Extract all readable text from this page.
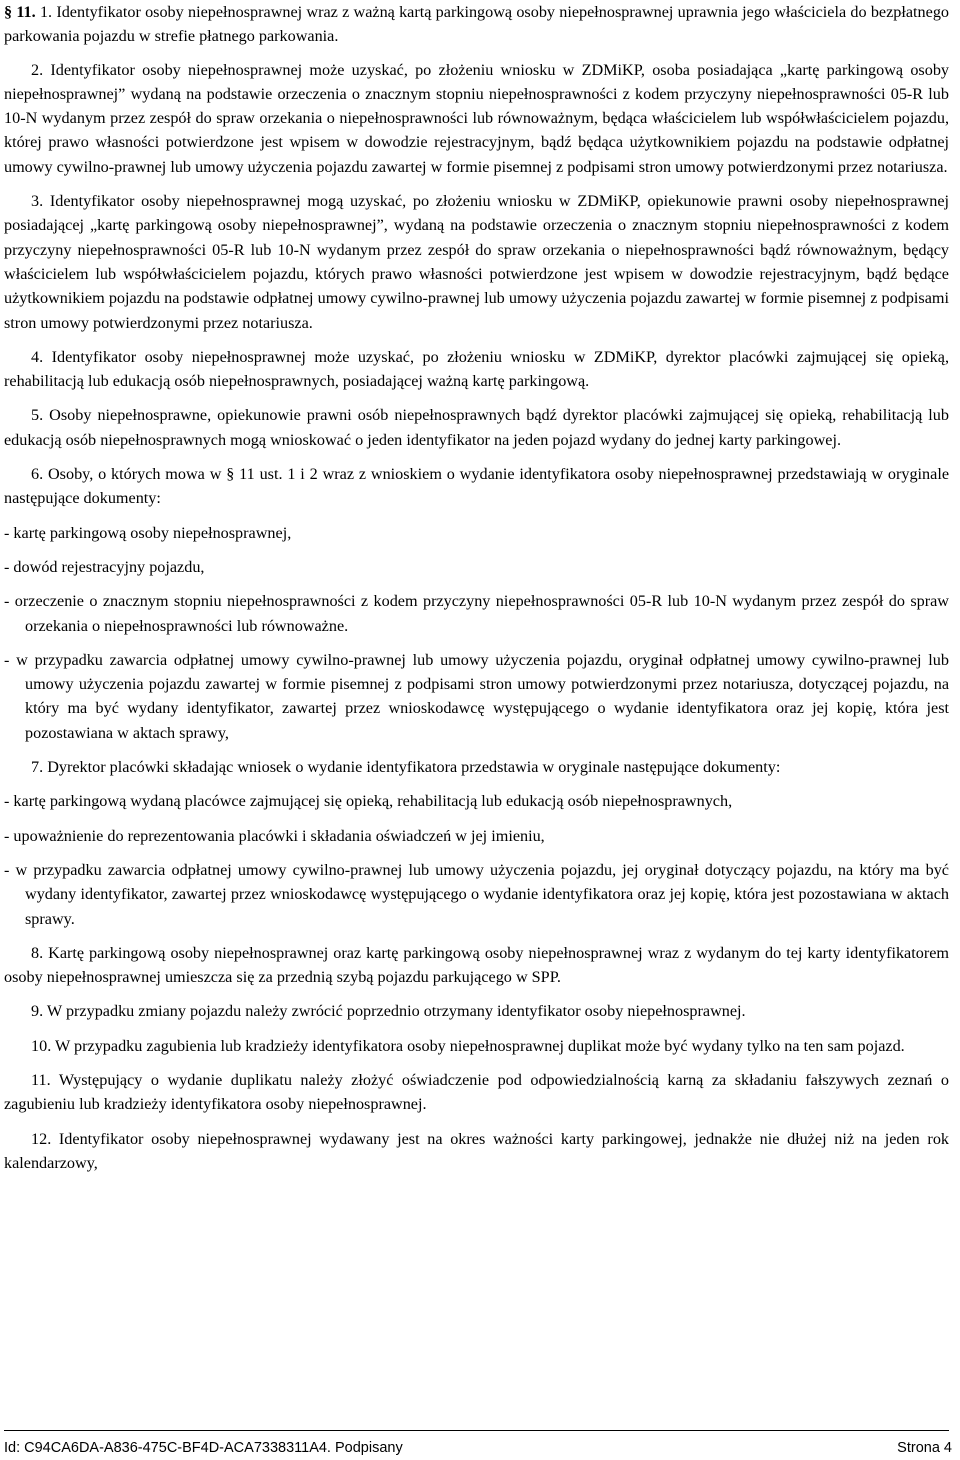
§ 11. 1. Identyfikator osoby niepełnosprawnej wraz z ważną kartą parkingową osoby niepełnosprawnej uprawnia jego właściciela do bezpłatnego parkowania pojazdu w strefie płatnego parkowania.

2. Identyfikator osoby niepełnosprawnej może uzyskać, po złożeniu wniosku w ZDMiKP, osoba posiadająca „kartę parkingową osoby niepełnosprawnej” wydaną na podstawie orzeczenia o znacznym stopniu niepełnosprawności z kodem przyczyny niepełnosprawności 05-R lub 10-N wydanym przez zespół do spraw orzekania o niepełnosprawności lub równoważnym, będąca właścicielem lub współwłaścicielem pojazdu, której prawo własności potwierdzone jest wpisem w dowodzie rejestracyjnym, bądź będąca użytkownikiem pojazdu na podstawie odpłatnej umowy cywilno-prawnej lub umowy użyczenia pojazdu zawartej w formie pisemnej z podpisami stron umowy potwierdzonymi przez notariusza.

3. Identyfikator osoby niepełnosprawnej mogą uzyskać, po złożeniu wniosku w ZDMiKP, opiekunowie prawni osoby niepełnosprawnej posiadającej „kartę parkingową osoby niepełnosprawnej”, wydaną na podstawie orzeczenia o znacznym stopniu niepełnosprawności z kodem przyczyny niepełnosprawności 05-R lub 10-N wydanym przez zespół do spraw orzekania o niepełnosprawności bądź równoważnym, będący właścicielem lub współwłaścicielem pojazdu, których prawo własności potwierdzone jest wpisem w dowodzie rejestracyjnym, bądź będące użytkownikiem pojazdu na podstawie odpłatnej umowy cywilno-prawnej lub umowy użyczenia pojazdu zawartej w formie pisemnej z podpisami stron umowy potwierdzonymi przez notariusza.

4. Identyfikator osoby niepełnosprawnej może uzyskać, po złożeniu wniosku w ZDMiKP, dyrektor placówki zajmującej się opieką, rehabilitacją lub edukacją osób niepełnosprawnych, posiadającej ważną kartę parkingową.

5. Osoby niepełnosprawne, opiekunowie prawni osób niepełnosprawnych bądź dyrektor placówki zajmującej się opieką, rehabilitacją lub edukacją osób niepełnosprawnych mogą wnioskować o jeden identyfikator na jeden pojazd wydany do jednej karty parkingowej.

6. Osoby, o których mowa w § 11 ust. 1 i 2 wraz z wnioskiem o wydanie identyfikatora osoby niepełnosprawnej przedstawiają w oryginale następujące dokumenty:

- kartę parkingową osoby niepełnosprawnej,

- dowód rejestracyjny pojazdu,

- orzeczenie o znacznym stopniu niepełnosprawności z kodem przyczyny niepełnosprawności 05-R lub 10-N wydanym przez zespół do spraw orzekania o niepełnosprawności lub równoważne.

- w przypadku zawarcia odpłatnej umowy cywilno-prawnej lub umowy użyczenia pojazdu, oryginał odpłatnej umowy cywilno-prawnej lub umowy użyczenia pojazdu zawartej w formie pisemnej z podpisami stron umowy potwierdzonymi przez notariusza, dotyczącej pojazdu, na który ma być wydany identyfikator, zawartej przez wnioskodawcę występującego o wydanie identyfikatora oraz jej kopię, która jest pozostawiana w aktach sprawy,

7. Dyrektor placówki składając wniosek o wydanie identyfikatora przedstawia w oryginale następujące dokumenty:

- kartę parkingową wydaną placówce zajmującej się opieką, rehabilitacją lub edukacją osób niepełnosprawnych,

- upoważnienie do reprezentowania placówki i składania oświadczeń w jej imieniu,

- w przypadku zawarcia odpłatnej umowy cywilno-prawnej lub umowy użyczenia pojazdu, jej oryginał dotyczący pojazdu, na który ma być wydany identyfikator, zawartej przez wnioskodawcę występującego o wydanie identyfikatora oraz jej kopię, która jest pozostawiana w aktach sprawy.

8. Kartę parkingową osoby niepełnosprawnej oraz kartę parkingową osoby niepełnosprawnej wraz z wydanym do tej karty identyfikatorem osoby niepełnosprawnej umieszcza się za przednią szybą pojazdu parkującego w SPP.

9. W przypadku zmiany pojazdu należy zwrócić poprzednio otrzymany identyfikator osoby niepełnosprawnej.

10. W przypadku zagubienia lub kradzieży identyfikatora osoby niepełnosprawnej duplikat może być wydany tylko na ten sam pojazd.

11. Występujący o wydanie duplikatu należy złożyć oświadczenie pod odpowiedzialnością karną za składaniu fałszywych zeznań o zagubieniu lub kradzieży identyfikatora osoby niepełnosprawnej.

12. Identyfikator osoby niepełnosprawnej wydawany jest na okres ważności karty parkingowej, jednakże nie dłużej niż na jeden rok kalendarzowy,

Id: C94CA6DA-A836-475C-BF4D-ACA7338311A4. Podpisany	Strona 4
